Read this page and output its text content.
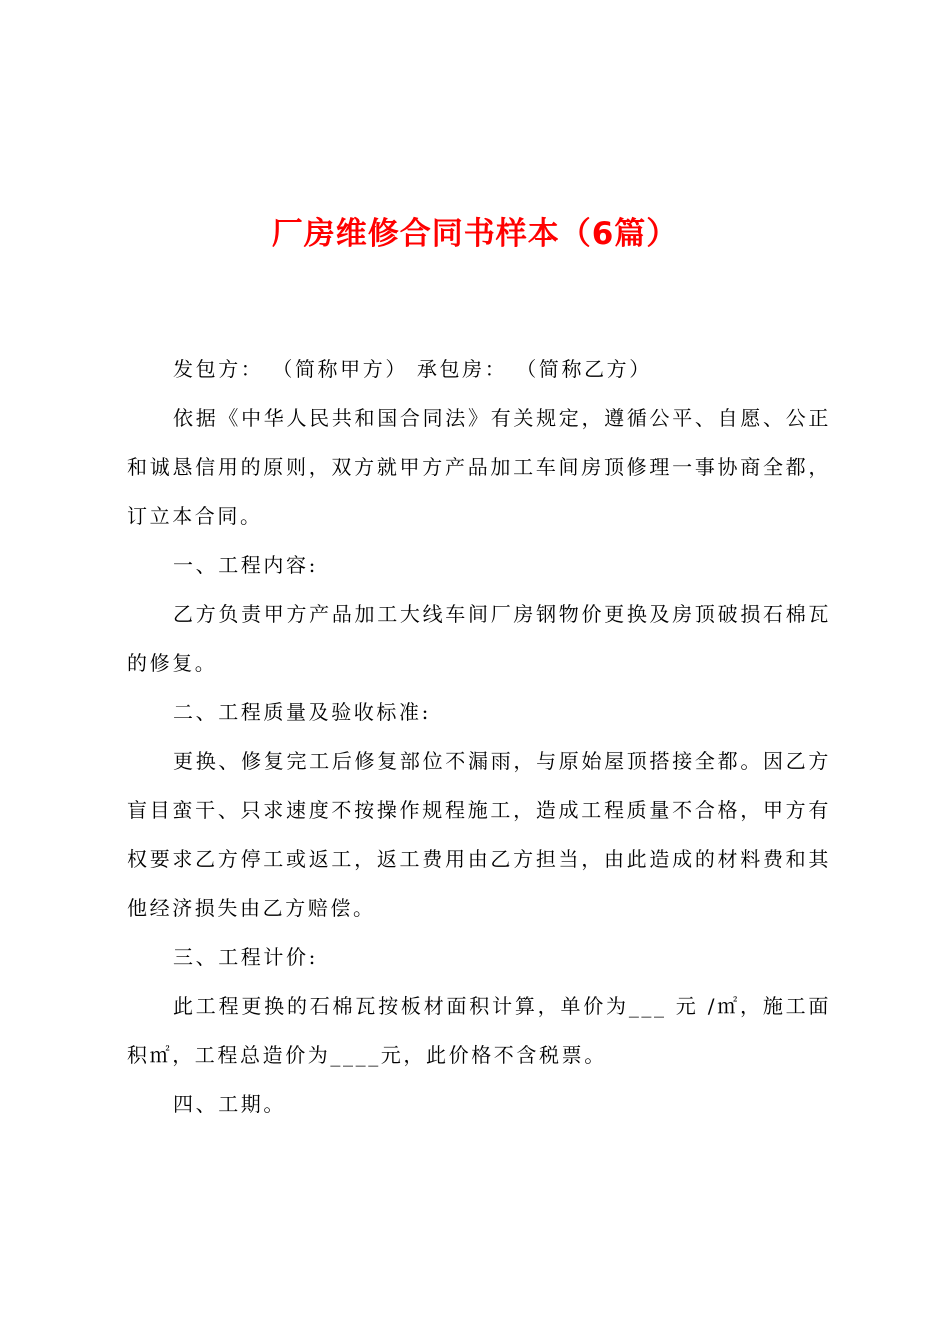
厂房维修合同书样本（6篇）

发包方： （简称甲方） 承包房： （简称乙方）

依据《中华人民共和国合同法》有关规定，遵循公平、自愿、公正和诚恳信用的原则，双方就甲方产品加工车间房顶修理一事协商全都，订立本合同。

一、工程内容:

乙方负责甲方产品加工大线车间厂房钢物价更换及房顶破损石棉瓦的修复。

二、工程质量及验收标准:

更换、修复完工后修复部位不漏雨，与原始屋顶搭接全都。因乙方盲目蛮干、只求速度不按操作规程施工，造成工程质量不合格，甲方有权要求乙方停工或返工，返工费用由乙方担当，由此造成的材料费和其他经济损失由乙方赔偿。

三、工程计价:

此工程更换的石棉瓦按板材面积计算，单价为___ 元 /㎡，施工面积㎡，工程总造价为____元，此价格不含税票。

四、工期。
